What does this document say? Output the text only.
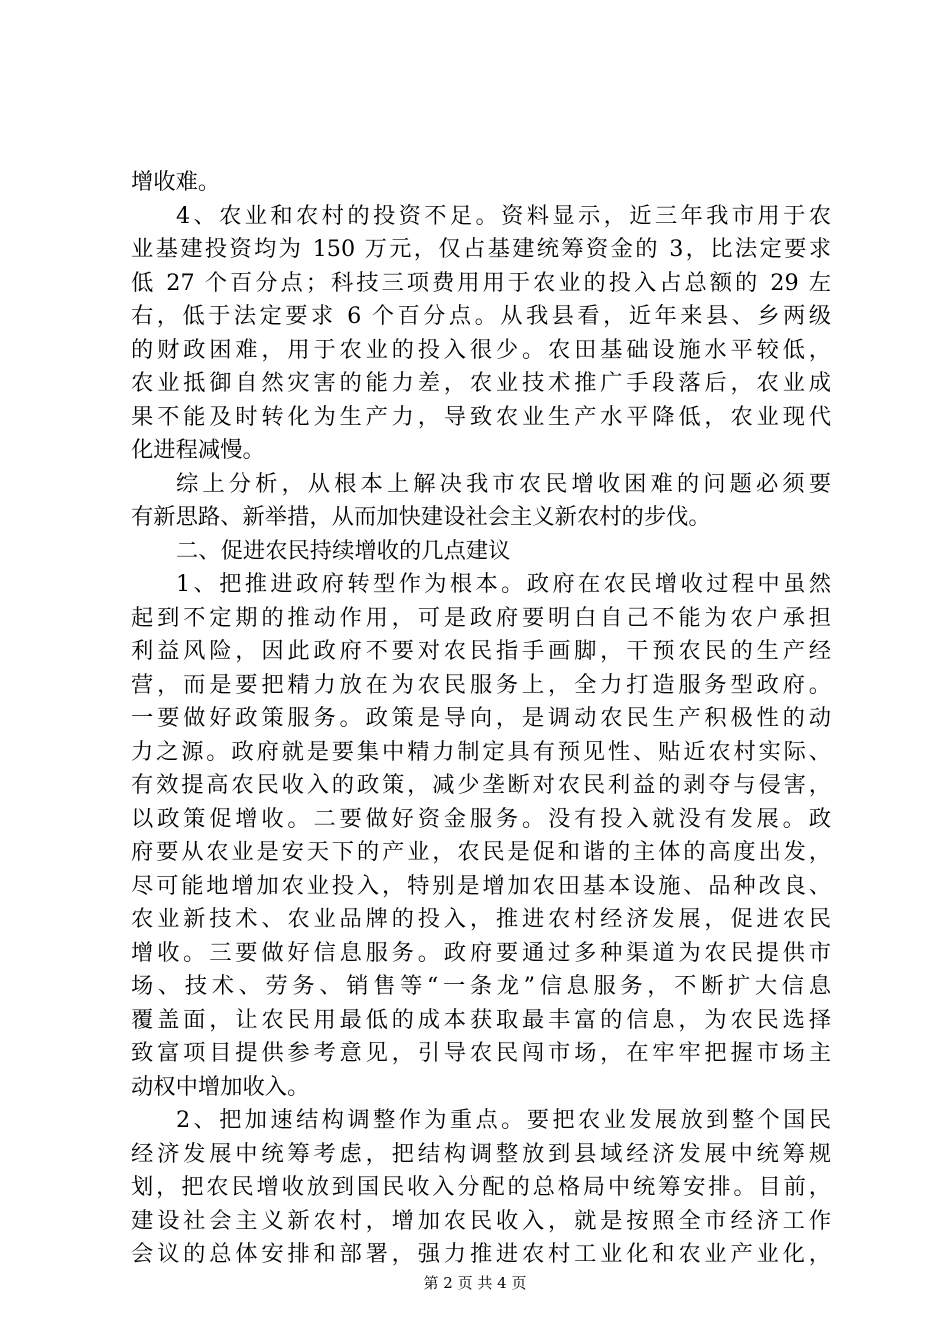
增收难。
4、农业和农村的投资不足。资料显示，近三年我市用于农
业基建投资均为 150 万元，仅占基建统筹资金的 3，比法定要求
低 27 个百分点；科技三项费用用于农业的投入占总额的 29 左
右，低于法定要求 6 个百分点。从我县看，近年来县、乡两级
的财政困难，用于农业的投入很少。农田基础设施水平较低，
农业抵御自然灾害的能力差，农业技术推广手段落后，农业成
果不能及时转化为生产力，导致农业生产水平降低，农业现代
化进程减慢。
综上分析，从根本上解决我市农民增收困难的问题必须要
有新思路、新举措，从而加快建设社会主义新农村的步伐。
二、促进农民持续增收的几点建议
1、把推进政府转型作为根本。政府在农民增收过程中虽然
起到不定期的推动作用，可是政府要明白自己不能为农户承担
利益风险，因此政府不要对农民指手画脚，干预农民的生产经
营，而是要把精力放在为农民服务上，全力打造服务型政府。
一要做好政策服务。政策是导向，是调动农民生产积极性的动
力之源。政府就是要集中精力制定具有预见性、贴近农村实际、
有效提高农民收入的政策，减少垄断对农民利益的剥夺与侵害，
以政策促增收。二要做好资金服务。没有投入就没有发展。政
府要从农业是安天下的产业，农民是促和谐的主体的高度出发，
尽可能地增加农业投入，特别是增加农田基本设施、品种改良、
农业新技术、农业品牌的投入，推进农村经济发展，促进农民
增收。三要做好信息服务。政府要通过多种渠道为农民提供市
场、技术、劳务、销售等“一条龙”信息服务，不断扩大信息
覆盖面，让农民用最低的成本获取最丰富的信息，为农民选择
致富项目提供参考意见，引导农民闯市场，在牢牢把握市场主
动权中增加收入。
2、把加速结构调整作为重点。要把农业发展放到整个国民
经济发展中统筹考虑，把结构调整放到县域经济发展中统筹规
划，把农民增收放到国民收入分配的总格局中统筹安排。目前，
建设社会主义新农村，增加农民收入，就是按照全市经济工作
会议的总体安排和部署，强力推进农村工业化和农业产业化，
第 2 页 共 4 页
